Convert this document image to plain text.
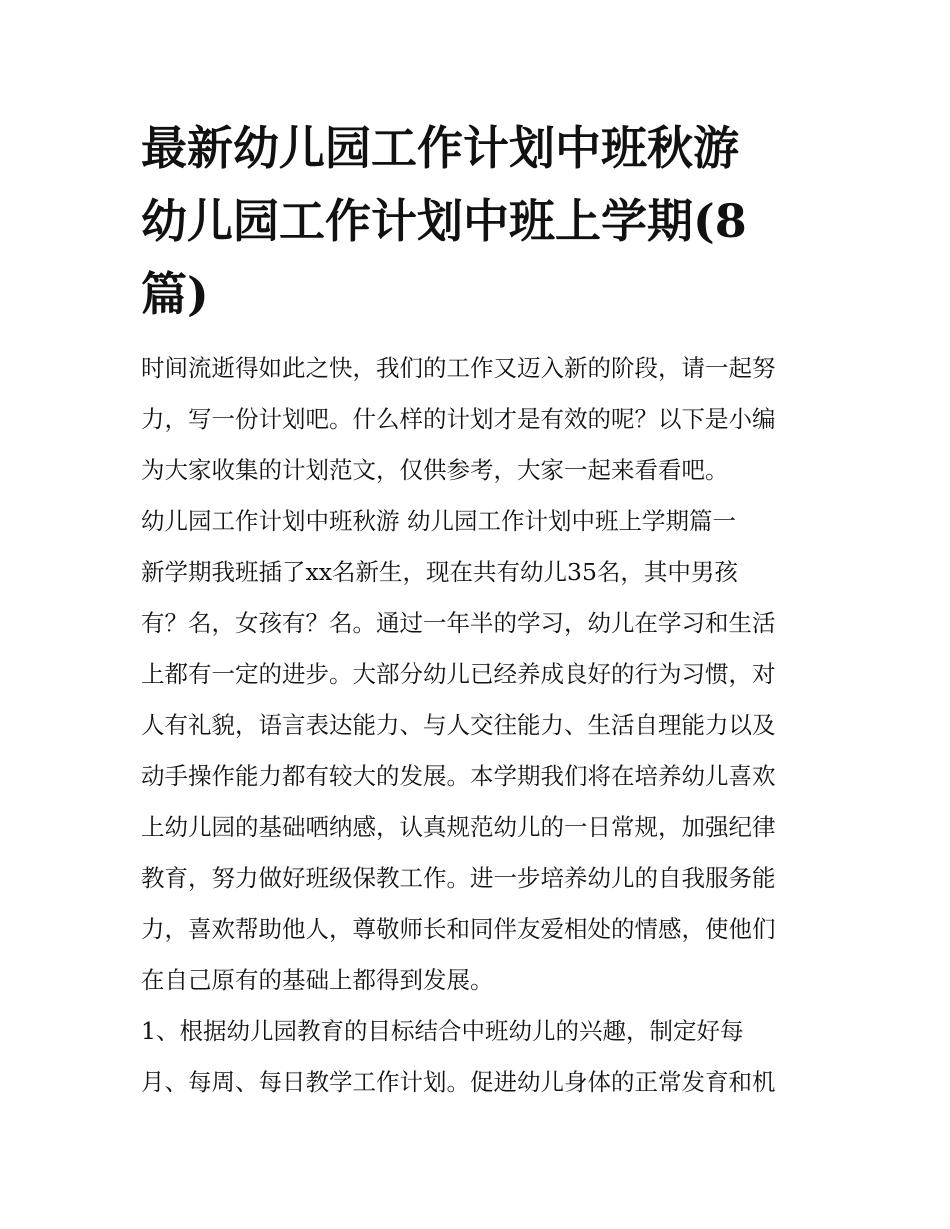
最新幼儿园工作计划中班秋游
幼儿园工作计划中班上学期(8
篇)

时间流逝得如此之快，我们的工作又迈入新的阶段，请一起努
力，写一份计划吧。什么样的计划才是有效的呢？以下是小编
为大家收集的计划范文，仅供参考，大家一起来看看吧。

幼儿园工作计划中班秋游 幼儿园工作计划中班上学期篇一

新学期我班插了xx名新生，现在共有幼儿35名，其中男孩
有？名，女孩有？名。通过一年半的学习，幼儿在学习和生活
上都有一定的进步。大部分幼儿已经养成良好的行为习惯，对
人有礼貌，语言表达能力、与人交往能力、生活自理能力以及
动手操作能力都有较大的发展。本学期我们将在培养幼儿喜欢
上幼儿园的基础哂纳感，认真规范幼儿的一日常规，加强纪律
教育，努力做好班级保教工作。进一步培养幼儿的自我服务能
力，喜欢帮助他人，尊敬师长和同伴友爱相处的情感，使他们
在自己原有的基础上都得到发展。

1、根据幼儿园教育的目标结合中班幼儿的兴趣，制定好每
月、每周、每日教学工作计划。促进幼儿身体的正常发育和机
